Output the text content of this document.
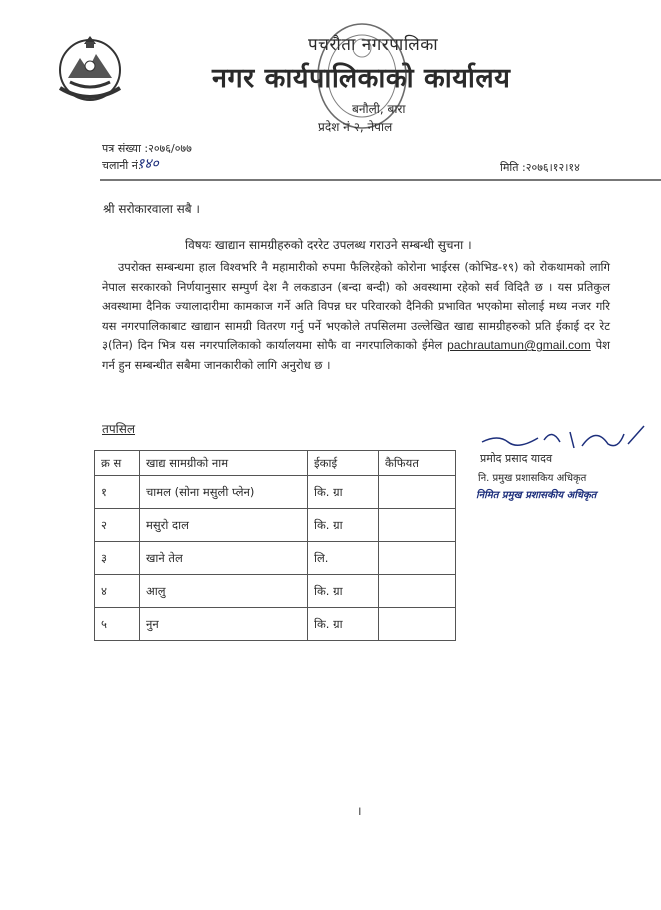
पचरौता नगरपालिका
नगर कार्यपालिकाको कार्यालय
बनौली, बारा
प्रदेश नं २, नेपाल
पत्र संख्या :२०७६/०७७
चलानी नं.
१४०	मिति :२०७६।१२।१४
श्री सरोकारवाला सबै ।
विषयः खाद्यान सामग्रीहरुको दररेट उपलब्ध गराउने सम्बन्धी सुचना ।
उपरोक्त सम्बन्धमा हाल विश्वभरि नै महामारीको रुपमा फैलिरहेको कोरोना भाईरस (कोभिड-१९) को रोकथामको लागि नेपाल सरकारको निर्णयानुसार सम्पुर्ण देश नै लकडाउन (बन्दा बन्दी) को अवस्थामा रहेको सर्व विदितै छ । यस प्रतिकुल अवस्थामा दैनिक ज्यालादारीमा कामकाज गर्ने अति विपन्न घर परिवारको दैनिकी प्रभावित भएकोमा सोलाई मध्य नजर गरि यस नगरपालिकाबाट खाद्यान सामग्री वितरण गर्नु पर्ने भएकोले तपसिलमा उल्लेखित खाद्य सामग्रीहरुको प्रति ईकाई दर रेट ३(तिन) दिन भित्र यस नगरपालिकाको कार्यालयमा सोफै वा नगरपालिकाको ईमेल pachrautamun@gmail.com पेश गर्न हुन सम्बन्धीत सबैमा जानकारीको लागि अनुरोध छ ।
तपसिल
प्रमोद प्रसाद यादव
नि. प्रमुख प्रशासकिय अधिकृत
निमित प्रमुख प्रशासकीय अधिकृत
क्र स	खाद्य सामग्रीको नाम	ईकाई	कैफियत
१	चामल (सोना मसुली प्लेन)	कि. ग्रा	
२	मसुरो दाल	कि. ग्रा	
३	खाने तेल	लि.	
४	आलु	कि. ग्रा	
५	नुन	कि. ग्रा	
।
